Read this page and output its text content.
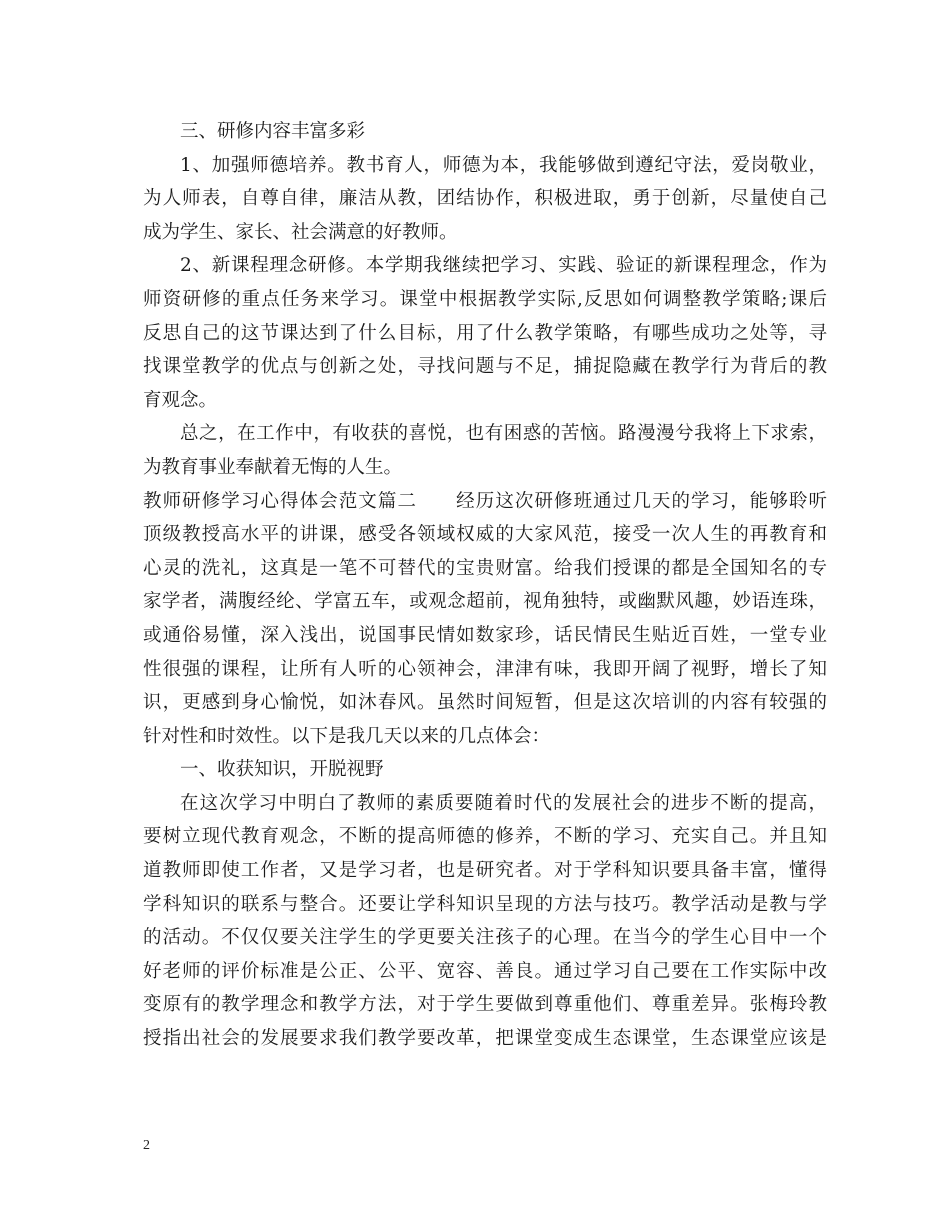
三、研修内容丰富多彩
1、加强师德培养。教书育人，师德为本，我能够做到遵纪守法，爱岗敬业，
为人师表，自尊自律，廉洁从教，团结协作，积极进取，勇于创新，尽量使自己
成为学生、家长、社会满意的好教师。
2、新课程理念研修。本学期我继续把学习、实践、验证的新课程理念，作为
师资研修的重点任务来学习。课堂中根据教学实际,反思如何调整教学策略;课后
反思自己的这节课达到了什么目标，用了什么教学策略，有哪些成功之处等，寻
找课堂教学的优点与创新之处，寻找问题与不足，捕捉隐藏在教学行为背后的教
育观念。
总之，在工作中，有收获的喜悦，也有困惑的苦恼。路漫漫兮我将上下求索，
为教育事业奉献着无悔的人生。
教师研修学习心得体会范文篇二　　经历这次研修班通过几天的学习，能够聆听
顶级教授高水平的讲课，感受各领域权威的大家风范，接受一次人生的再教育和
心灵的洗礼，这真是一笔不可替代的宝贵财富。给我们授课的都是全国知名的专
家学者，满腹经纶、学富五车，或观念超前，视角独特，或幽默风趣，妙语连珠，
或通俗易懂，深入浅出，说国事民情如数家珍，话民情民生贴近百姓，一堂专业
性很强的课程，让所有人听的心领神会，津津有味，我即开阔了视野，增长了知
识，更感到身心愉悦，如沐春风。虽然时间短暂，但是这次培训的内容有较强的
针对性和时效性。以下是我几天以来的几点体会：
一、收获知识，开脱视野
在这次学习中明白了教师的素质要随着时代的发展社会的进步不断的提高，
要树立现代教育观念，不断的提高师德的修养，不断的学习、充实自己。并且知
道教师即使工作者，又是学习者，也是研究者。对于学科知识要具备丰富，懂得
学科知识的联系与整合。还要让学科知识呈现的方法与技巧。教学活动是教与学
的活动。不仅仅要关注学生的学更要关注孩子的心理。在当今的学生心目中一个
好老师的评价标准是公正、公平、宽容、善良。通过学习自己要在工作实际中改
变原有的教学理念和教学方法，对于学生要做到尊重他们、尊重差异。张梅玲教
授指出社会的发展要求我们教学要改革，把课堂变成生态课堂，生态课堂应该是
2
